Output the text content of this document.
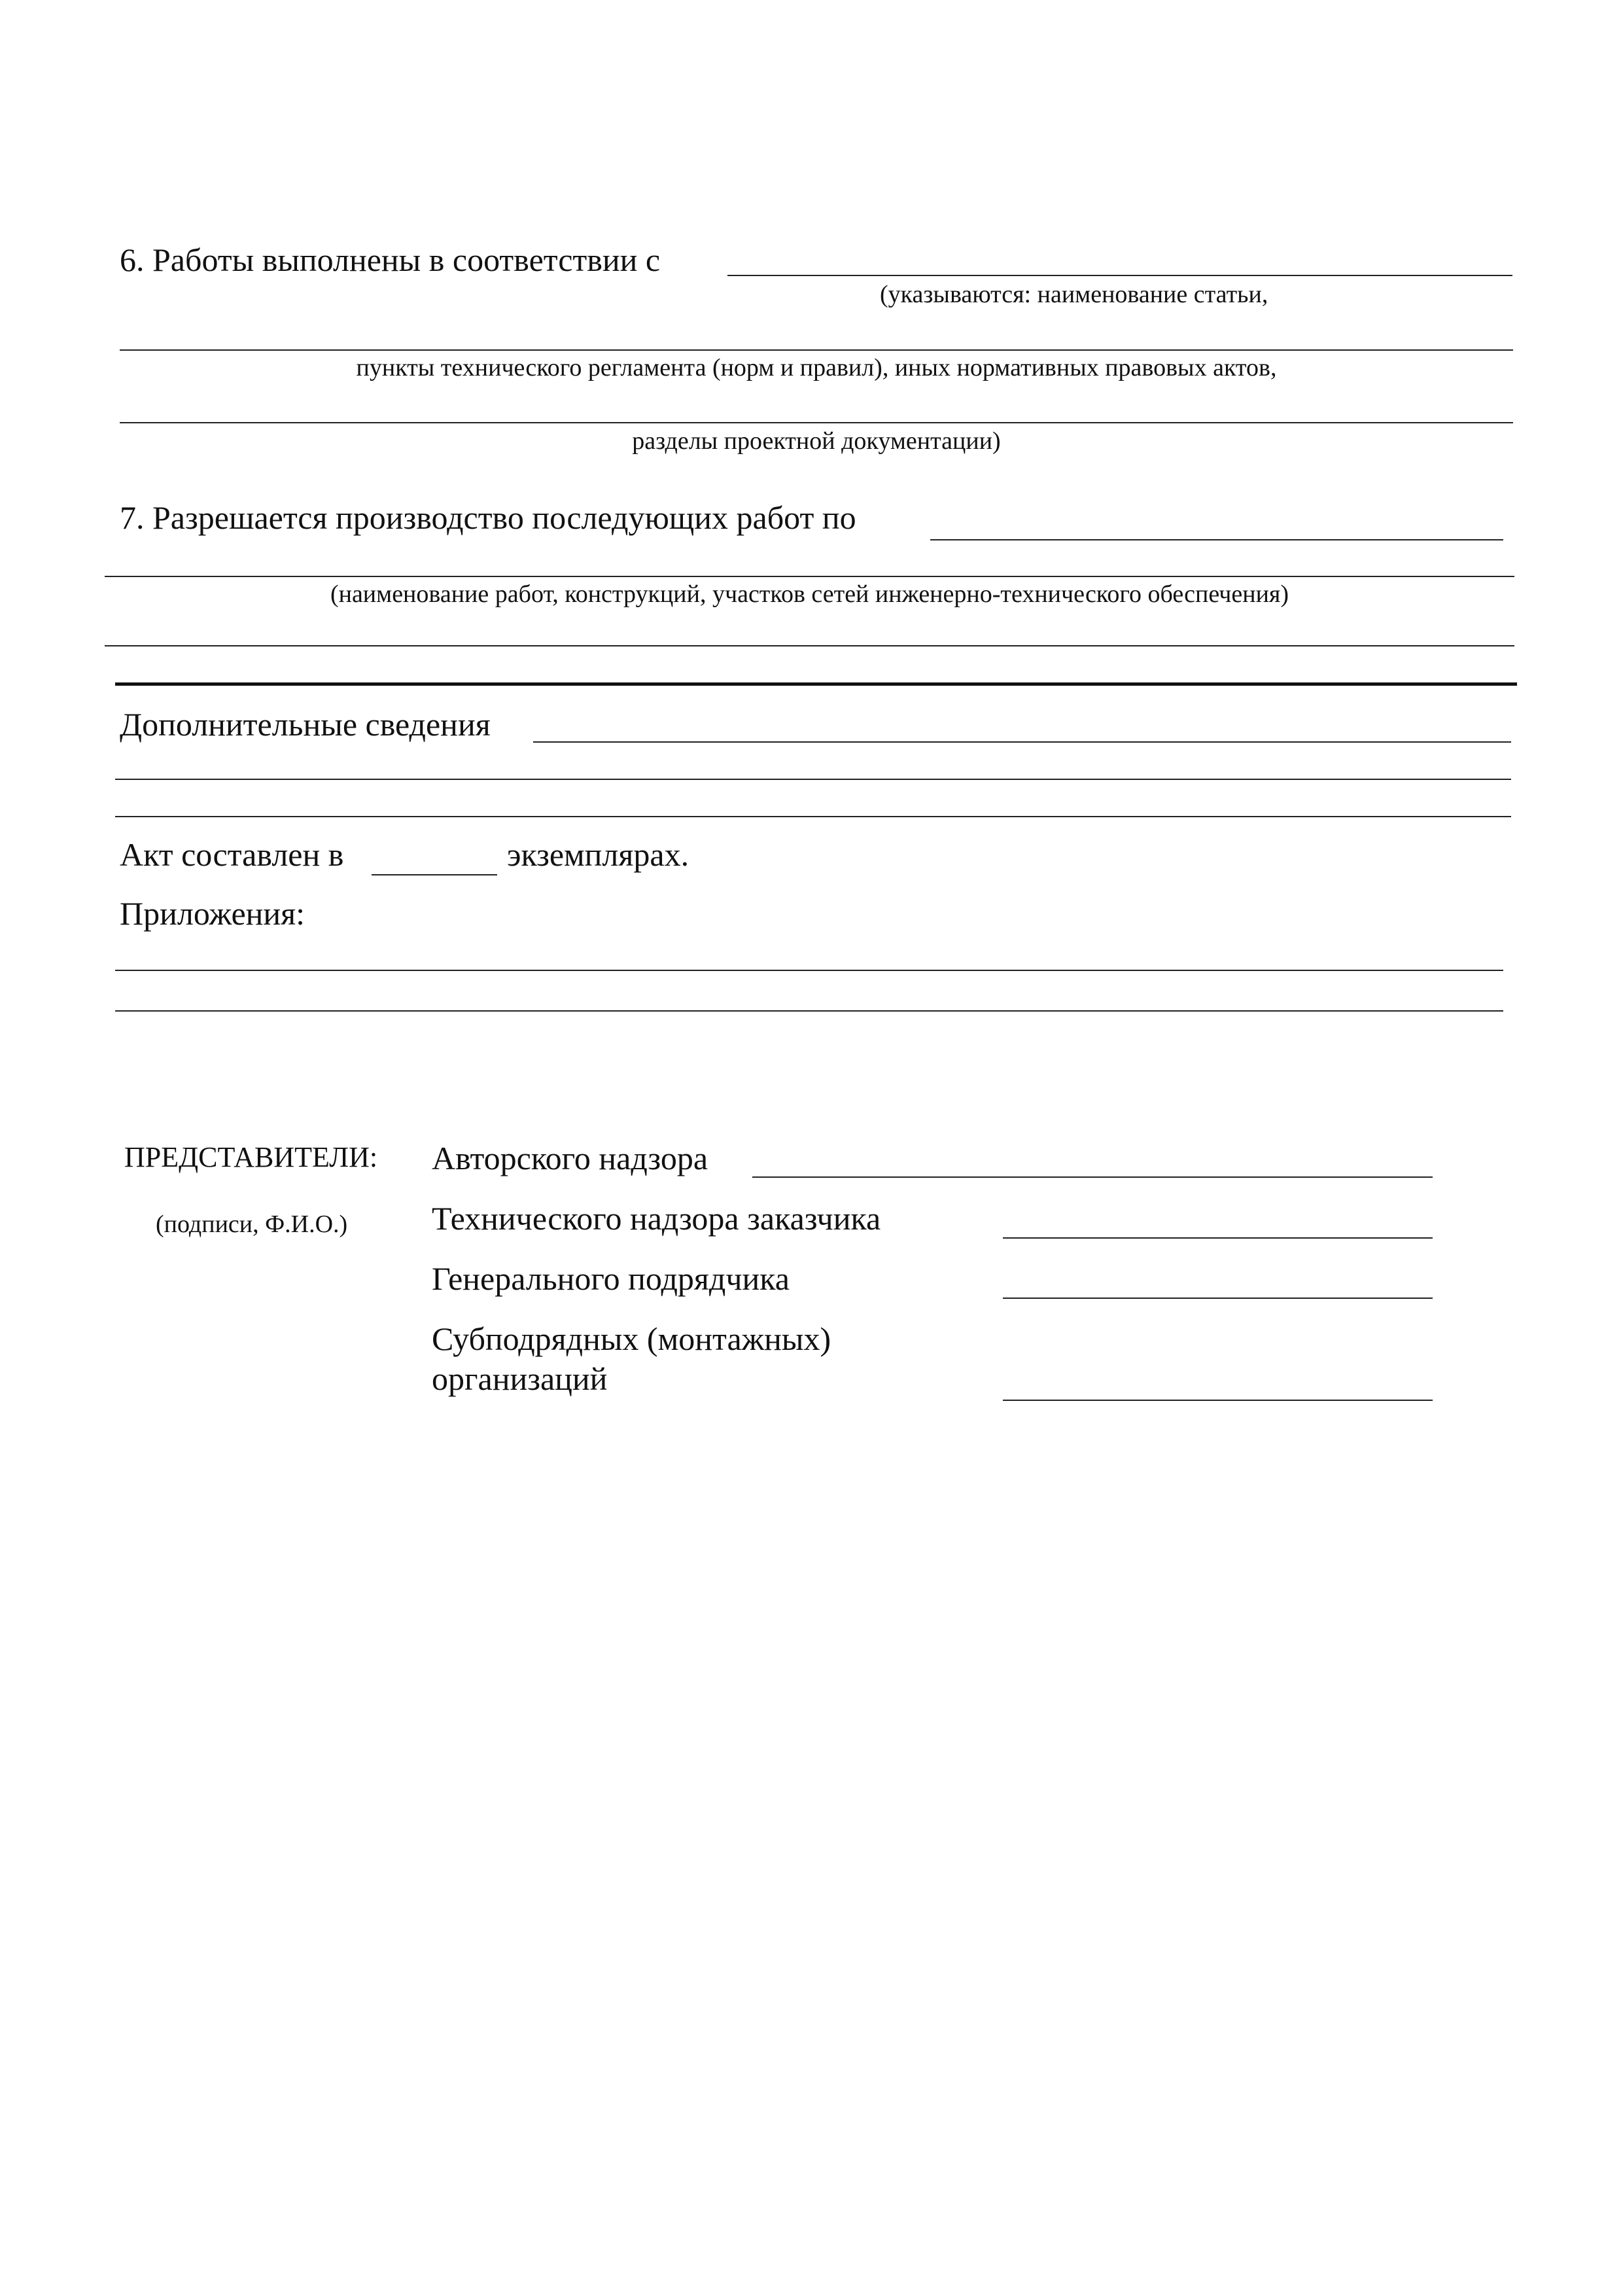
6. Работы выполнены в соответствии с
(указываются: наименование статьи,
пункты технического регламента (норм и правил), иных нормативных правовых актов,
разделы проектной документации)
7. Разрешается производство последующих работ по
(наименование работ, конструкций, участков сетей инженерно-технического обеспечения)
Дополнительные сведения
Акт составлен в	экземплярах.
Приложения:
ПРЕДСТАВИТЕЛИ:
(подписи, Ф.И.О.)
Авторского надзора
Технического надзора заказчика
Генерального подрядчика
Субподрядных (монтажных)
организаций
